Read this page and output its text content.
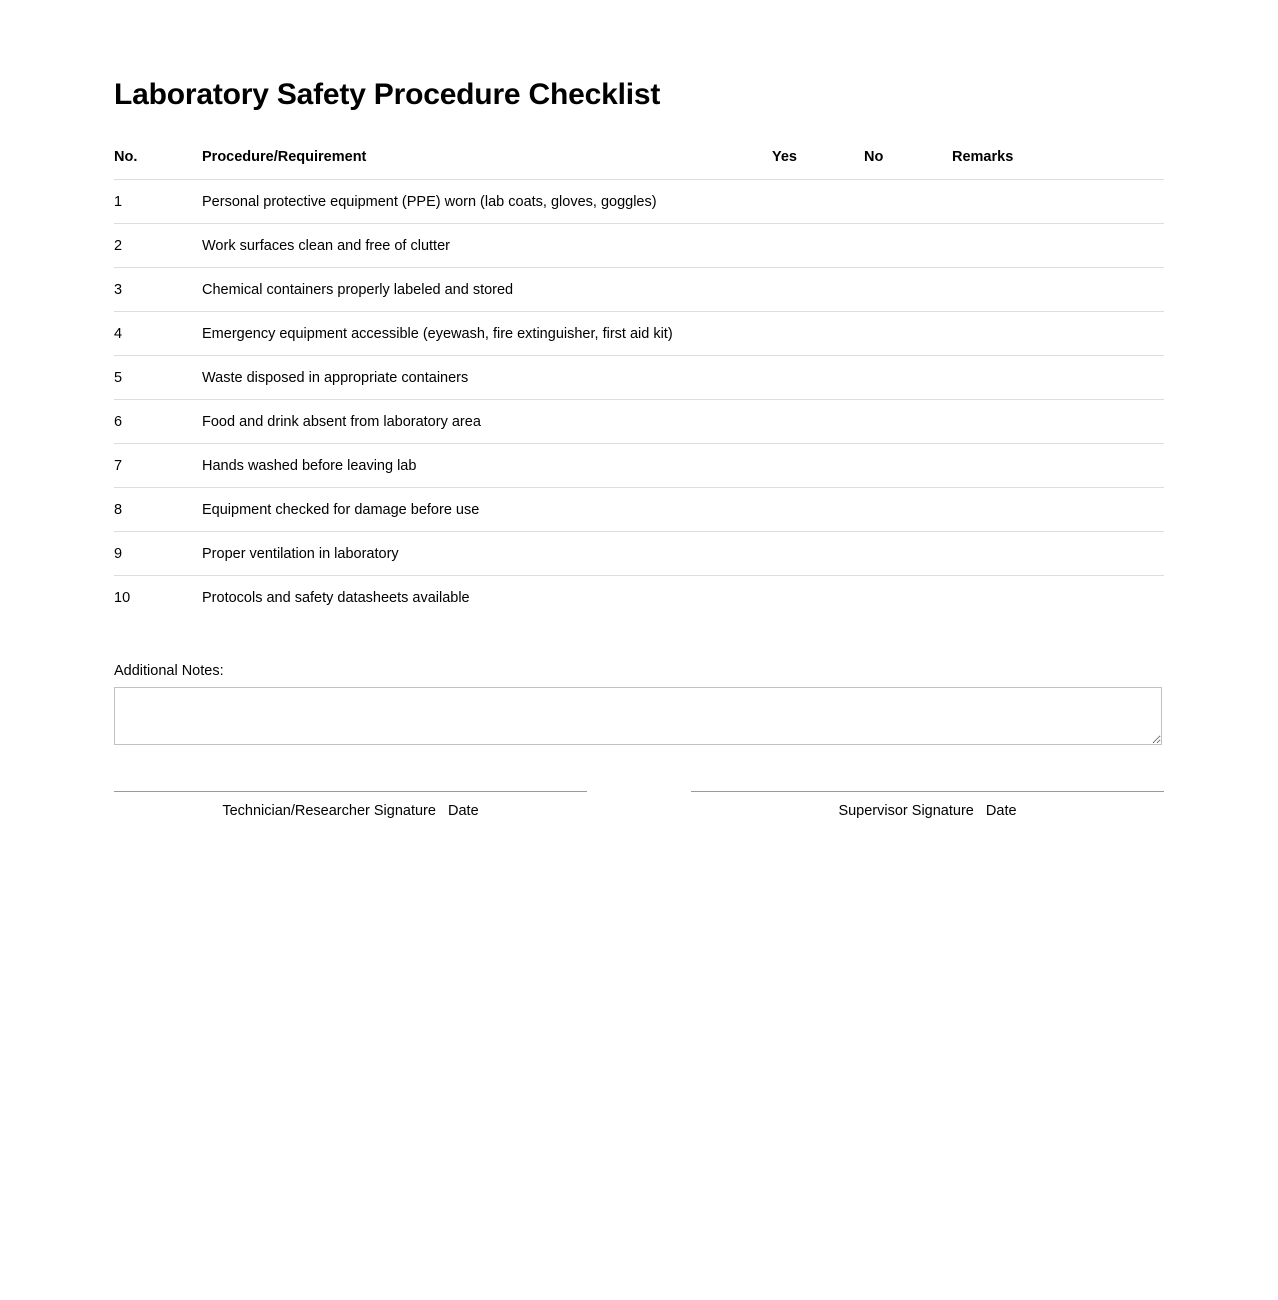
Laboratory Safety Procedure Checklist
No.	Procedure/Requirement	Yes	No	Remarks
1	Personal protective equipment (PPE) worn (lab coats, gloves, goggles)			
2	Work surfaces clean and free of clutter			
3	Chemical containers properly labeled and stored			
4	Emergency equipment accessible (eyewash, fire extinguisher, first aid kit)			
5	Waste disposed in appropriate containers			
6	Food and drink absent from laboratory area			
7	Hands washed before leaving lab			
8	Equipment checked for damage before use			
9	Proper ventilation in laboratory			
10	Protocols and safety datasheets available			
Additional Notes:
Technician/Researcher Signature   Date	Supervisor Signature   Date
